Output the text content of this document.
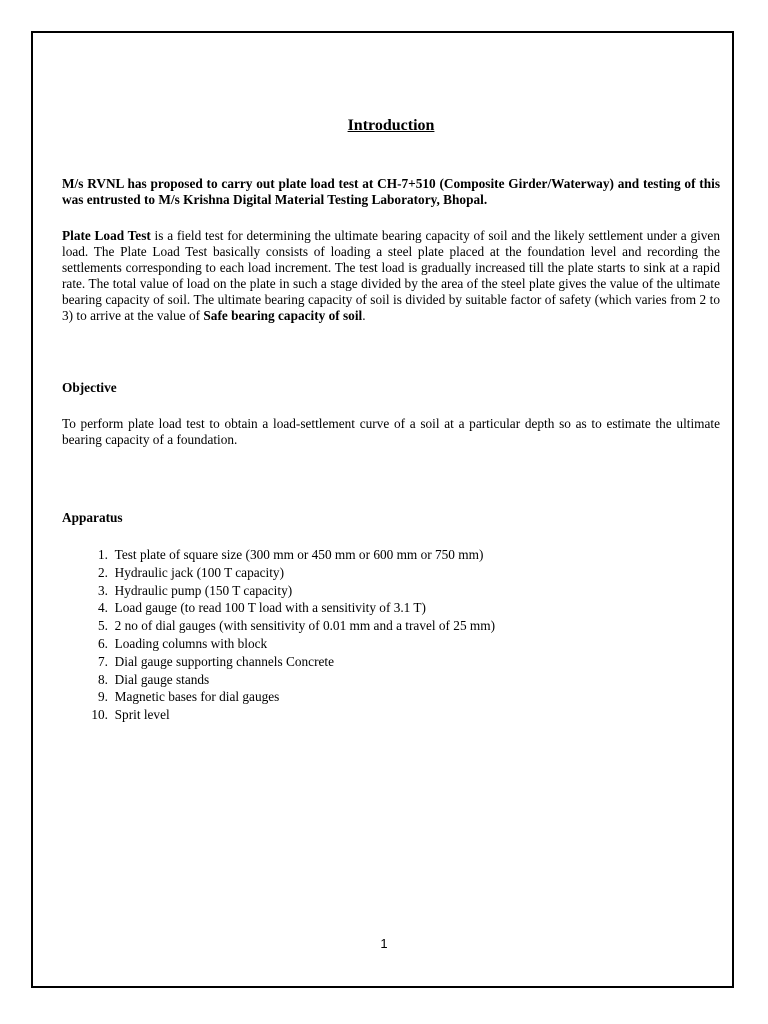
Introduction

M/s RVNL has proposed to carry out plate load test at CH-7+510 (Composite Girder/Waterway) and testing of this was entrusted to M/s Krishna Digital Material Testing Laboratory, Bhopal.

Plate Load Test is a field test for determining the ultimate bearing capacity of soil and the likely settlement under a given load. The Plate Load Test basically consists of loading a steel plate placed at the foundation level and recording the settlements corresponding to each load increment. The test load is gradually increased till the plate starts to sink at a rapid rate. The total value of load on the plate in such a stage divided by the area of the steel plate gives the value of the ultimate bearing capacity of soil. The ultimate bearing capacity of soil is divided by suitable factor of safety (which varies from 2 to 3) to arrive at the value of Safe bearing capacity of soil.

Objective

To perform plate load test to obtain a load-settlement curve of a soil at a particular depth so as to estimate the ultimate bearing capacity of a foundation.

Apparatus

1.
Test plate of square size (300 mm or 450 mm or 600 mm or 750 mm)
2.
Hydraulic jack (100 T capacity)
3.
Hydraulic pump (150 T capacity)
4.
Load gauge (to read 100 T load with a sensitivity of 3.1 T)
5.
2 no of dial gauges (with sensitivity of 0.01 mm and a travel of 25 mm)
6.
Loading columns with block
7.
Dial gauge supporting channels Concrete
8.
Dial gauge stands
9.
Magnetic bases for dial gauges
10.
Sprit level
1
